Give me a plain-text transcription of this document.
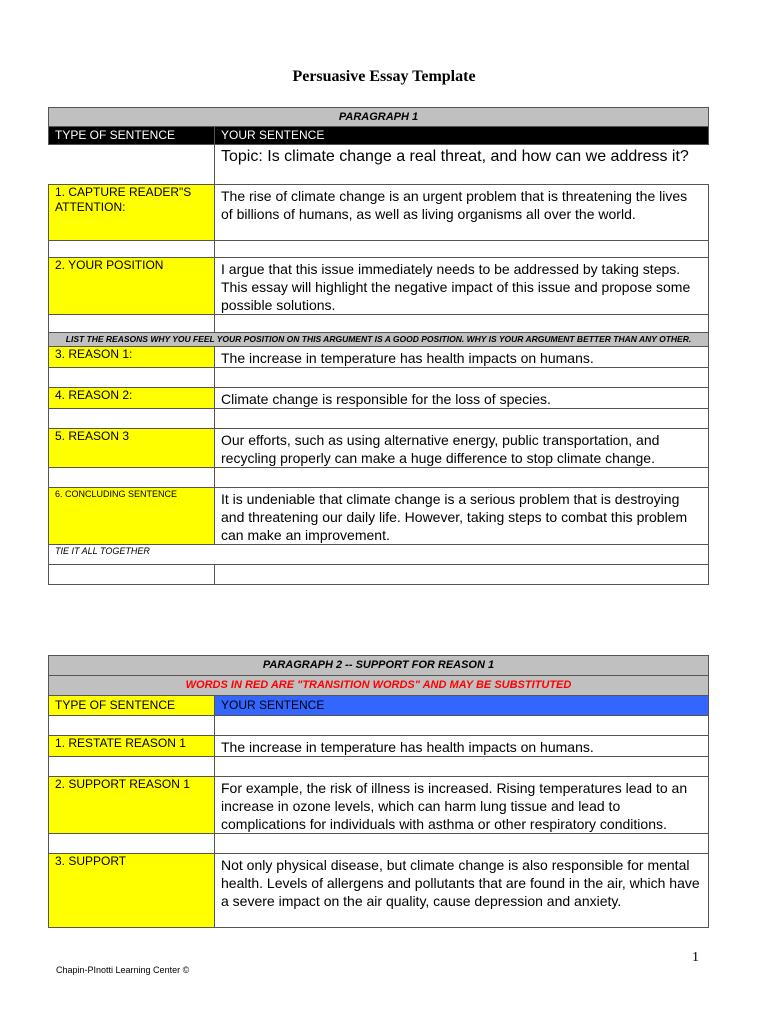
Persuasive Essay Template
PARAGRAPH 1	
TYPE OF SENTENCE	YOUR SENTENCE
	Topic: Is climate change a real threat, and how can we address it?
1. CAPTURE READER"S ATTENTION:	The rise of climate change is an urgent problem that is threatening the lives of billions of humans, as well as living organisms all over the world.

2. YOUR POSITION	I argue that this issue immediately needs to be addressed by taking steps. This essay will highlight the negative impact of this issue and propose some possible solutions.

LIST THE REASONS WHY YOU FEEL YOUR POSITION ON THIS ARGUMENT IS A GOOD POSITION. WHY IS YOUR ARGUMENT BETTER THAN ANY OTHER.	
3. REASON 1:	The increase in temperature has health impacts on humans.

4. REASON 2:	Climate change is responsible for the loss of species.

5. REASON 3	Our efforts, such as using alternative energy, public transportation, and recycling properly can make a huge difference to stop climate change.

6. CONCLUDING SENTENCE	It is undeniable that climate change is a serious problem that is destroying and threatening our daily life. However, taking steps to combat this problem can make an improvement.
TIE IT ALL TOGETHER	

PARAGRAPH 2 -- SUPPORT FOR REASON 1	
WORDS IN RED ARE "TRANSITION WORDS" AND MAY BE SUBSTITUTED	
TYPE OF SENTENCE	YOUR SENTENCE

1. RESTATE REASON 1	The increase in temperature has health impacts on humans.

2. SUPPORT REASON 1	For example, the risk of illness is increased. Rising temperatures lead to an increase in ozone levels, which can harm lung tissue and lead to complications for individuals with asthma or other respiratory conditions.

3. SUPPORT	Not only physical disease, but climate change is also responsible for mental health. Levels of allergens and pollutants that are found in the air, which have a severe impact on the air quality, cause depression and anxiety.
1
Chapin-PInotti Learning Center ©
